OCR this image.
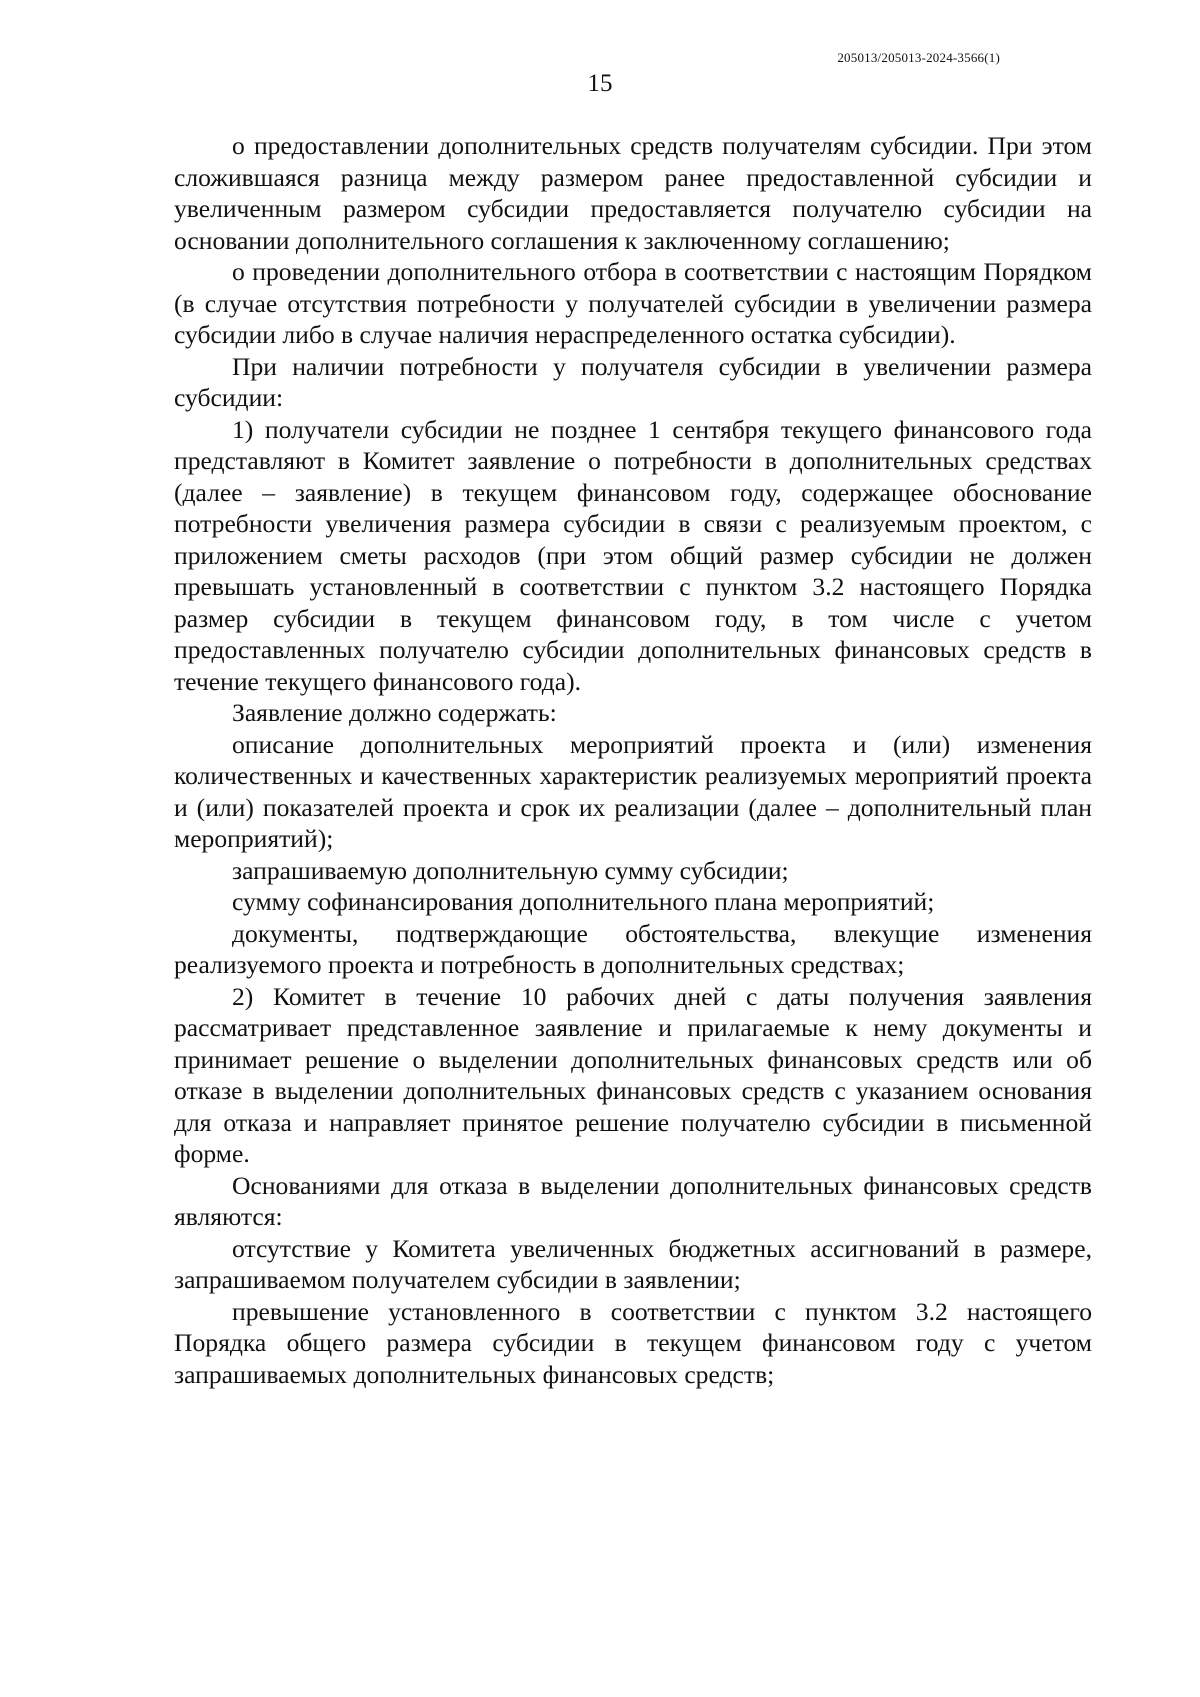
205013/205013-2024-3566(1)
15

о предоставлении дополнительных средств получателям субсидии. При этом сложившаяся разница между размером ранее предоставленной субсидии и увеличенным размером субсидии предоставляется получателю субсидии на основании дополнительного соглашения к заключенному соглашению;

о проведении дополнительного отбора в соответствии с настоящим Порядком (в случае отсутствия потребности у получателей субсидии в увеличении размера субсидии либо в случае наличия нераспределенного остатка субсидии).

При наличии потребности у получателя субсидии в увеличении размера субсидии:

1) получатели субсидии не позднее 1 сентября текущего финансового года представляют в Комитет заявление о потребности в дополнительных средствах (далее – заявление) в текущем финансовом году, содержащее обоснование потребности увеличения размера субсидии в связи с реализуемым проектом, с приложением сметы расходов (при этом общий размер субсидии не должен превышать установленный в соответствии с пунктом 3.2 настоящего Порядка размер субсидии в текущем финансовом году, в том числе с учетом предоставленных получателю субсидии дополнительных финансовых средств в течение текущего финансового года).

Заявление должно содержать:

описание дополнительных мероприятий проекта и (или) изменения количественных и качественных характеристик реализуемых мероприятий проекта и (или) показателей проекта и срок их реализации (далее – дополнительный план мероприятий);

запрашиваемую дополнительную сумму субсидии;

сумму софинансирования дополнительного плана мероприятий;

документы, подтверждающие обстоятельства, влекущие изменения реализуемого проекта и потребность в дополнительных средствах;

2) Комитет в течение 10 рабочих дней с даты получения заявления рассматривает представленное заявление и прилагаемые к нему документы и принимает решение о выделении дополнительных финансовых средств или об отказе в выделении дополнительных финансовых средств с указанием основания для отказа и направляет принятое решение получателю субсидии в письменной форме.

Основаниями для отказа в выделении дополнительных финансовых средств являются:

отсутствие у Комитета увеличенных бюджетных ассигнований в размере, запрашиваемом получателем субсидии в заявлении;

превышение установленного в соответствии с пунктом 3.2 настоящего Порядка общего размера субсидии в текущем финансовом году с учетом запрашиваемых дополнительных финансовых средств;
